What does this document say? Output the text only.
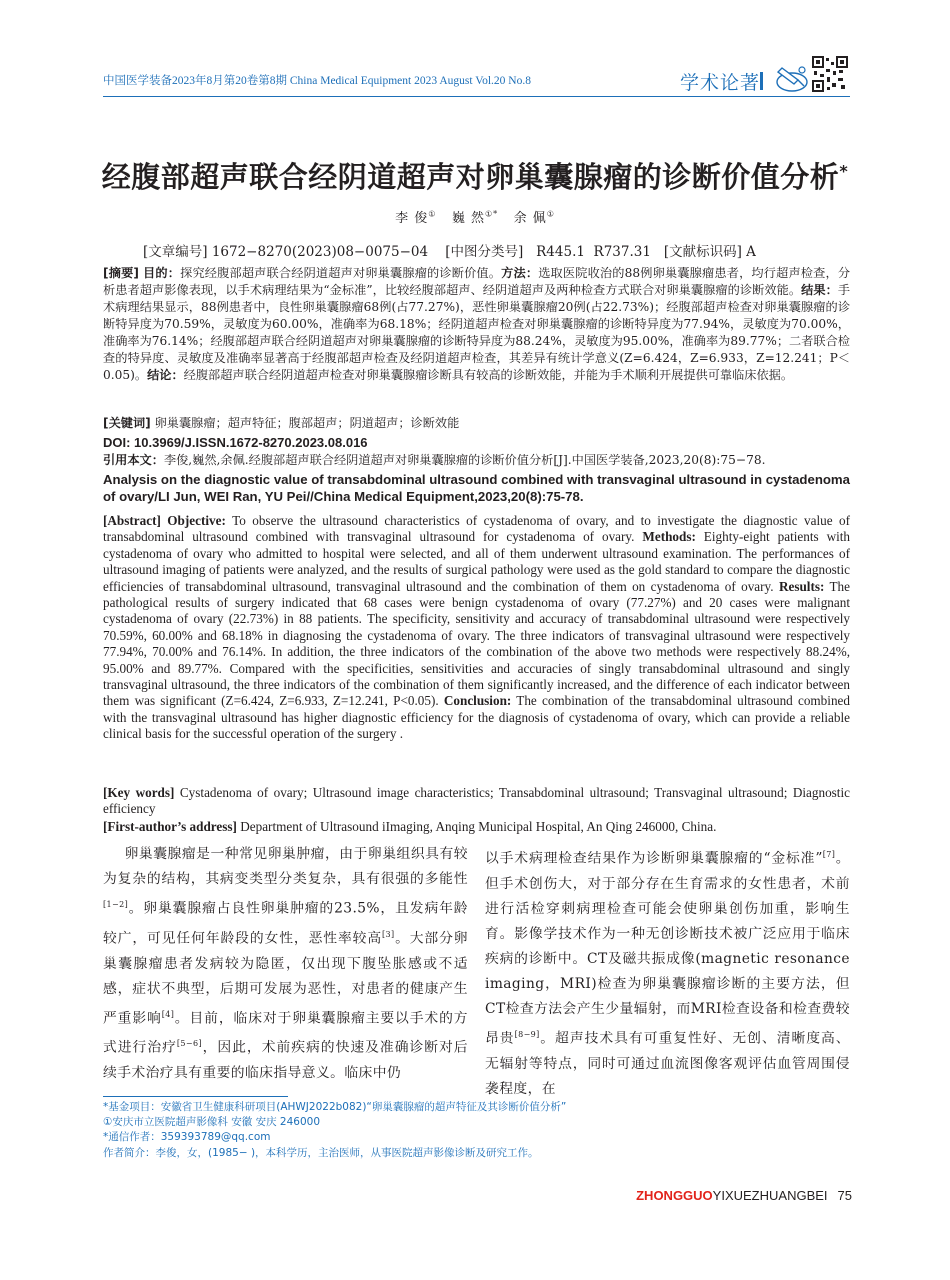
中国医学装备2023年8月第20卷第8期 China Medical Equipment 2023 August Vol.20 No.8	学术论著
经腹部超声联合经阴道超声对卵巢囊腺瘤的诊断价值分析*
李 俊① 巍 然①* 余 佩①
[文章编号] 1672−8270(2023)08−0075−04    [中图分类号]   R445.1  R737.31   [文献标识码] A
[摘要] 目的：探究经腹部超声联合经阴道超声对卵巢囊腺瘤的诊断价值。方法：选取医院收治的88例卵巢囊腺瘤患者，均行超声检查，分析患者超声影像表现，以手术病理结果为“金标准”，比较经腹部超声、经阴道超声及两种检查方式联合对卵巢囊腺瘤的诊断效能。结果：手术病理结果显示，88例患者中，良性卵巢囊腺瘤68例(占77.27%)，恶性卵巢囊腺瘤20例(占22.73%)；经腹部超声检查对卵巢囊腺瘤的诊断特异度为70.59%，灵敏度为60.00%，准确率为68.18%；经阴道超声检查对卵巢囊腺瘤的诊断特异度为77.94%，灵敏度为70.00%，准确率为76.14%；经腹部超声联合经阴道超声对卵巢囊腺瘤的诊断特异度为88.24%，灵敏度为95.00%，准确率为89.77%；二者联合检查的特异度、灵敏度及准确率显著高于经腹部超声检查及经阴道超声检查，其差异有统计学意义(Z=6.424，Z=6.933，Z=12.241；P＜0.05)。结论：经腹部超声联合经阴道超声检查对卵巢囊腺瘤诊断具有较高的诊断效能，并能为手术顺利开展提供可靠临床依据。
[关键词] 卵巢囊腺瘤；超声特征；腹部超声；阴道超声；诊断效能
DOI: 10.3969/J.ISSN.1672-8270.2023.08.016
引用本文：李俊,巍然,余佩.经腹部超声联合经阴道超声对卵巢囊腺瘤的诊断价值分析[J].中国医学装备,2023,20(8):75−78.
Analysis on the diagnostic value of transabdominal ultrasound combined with transvaginal ultrasound in cystadenoma of ovary/LI Jun, WEI Ran, YU Pei//China Medical Equipment,2023,20(8):75-78.
[Abstract] Objective: To observe the ultrasound characteristics of cystadenoma of ovary, and to investigate the diagnostic value of transabdominal ultrasound combined with transvaginal ultrasound for cystadenoma of ovary. Methods: Eighty-eight patients with cystadenoma of ovary who admitted to hospital were selected, and all of them underwent ultrasound examination. The performances of ultrasound imaging of patients were analyzed, and the results of surgical pathology were used as the gold standard to compare the diagnostic efficiencies of transabdominal ultrasound, transvaginal ultrasound and the combination of them on cystadenoma of ovary. Results: The pathological results of surgery indicated that 68 cases were benign cystadenoma of ovary (77.27%) and 20 cases were malignant cystadenoma of ovary (22.73%) in 88 patients. The specificity, sensitivity and accuracy of transabdominal ultrasound were respectively 70.59%, 60.00% and 68.18% in diagnosing the cystadenoma of ovary. The three indicators of transvaginal ultrasound were respectively 77.94%, 70.00% and 76.14%. In addition, the three indicators of the combination of the above two methods were respectively 88.24%, 95.00% and 89.77%. Compared with the specificities, sensitivities and accuracies of singly transabdominal ultrasound and singly transvaginal ultrasound, the three indicators of the combination of them significantly increased, and the difference of each indicator between them was significant (Z=6.424, Z=6.933, Z=12.241, P<0.05). Conclusion: The combination of the transabdominal ultrasound combined with the transvaginal ultrasound has higher diagnostic efficiency for the diagnosis of cystadenoma of ovary, which can provide a reliable clinical basis for the successful operation of the surgery .
[Key words] Cystadenoma of ovary; Ultrasound image characteristics; Transabdominal ultrasound; Transvaginal ultrasound; Diagnostic efficiency
[First-author’s address] Department of Ultrasound iImaging, Anqing Municipal Hospital, An Qing 246000, China.
  卵巢囊腺瘤是一种常见卵巢肿瘤，由于卵巢组织具有较为复杂的结构，其病变类型分类复杂，具有很强的多能性[1−2]。卵巢囊腺瘤占良性卵巢肿瘤的23.5%，且发病年龄较广，可见任何年龄段的女性，恶性率较高[3]。大部分卵巢囊腺瘤患者发病较为隐匿，仅出现下腹坠胀感或不适感，症状不典型，后期可发展为恶性，对患者的健康产生严重影响[4]。目前，临床对于卵巢囊腺瘤主要以手术的方式进行治疗[5−6]，因此，术前疾病的快速及准确诊断对后续手术治疗具有重要的临床指导意义。临床中仍
以手术病理检查结果作为诊断卵巢囊腺瘤的“金标准”[7]。但手术创伤大，对于部分存在生育需求的女性患者，术前进行活检穿刺病理检查可能会使卵巢创伤加重，影响生育。影像学技术作为一种无创诊断技术被广泛应用于临床疾病的诊断中。CT及磁共振成像(magnetic resonance imaging，MRI)检查为卵巢囊腺瘤诊断的主要方法，但CT检查方法会产生少量辐射，而MRI检查设备和检查费较昂贵[8−9]。超声技术具有可重复性好、无创、清晰度高、无辐射等特点，同时可通过血流图像客观评估血管周围侵袭程度，在
*基金项目：安徽省卫生健康科研项目(AHWJ2022b082)“卵巢囊腺瘤的超声特征及其诊断价值分析”
①安庆市立医院超声影像科 安徽 安庆 246000
*通信作者：359393789@qq.com
作者简介：李俊，女，(1985− )，本科学历，主治医师，从事医院超声影像诊断及研究工作。
ZHONGGUOYIXUEZHUANGBEI 75
